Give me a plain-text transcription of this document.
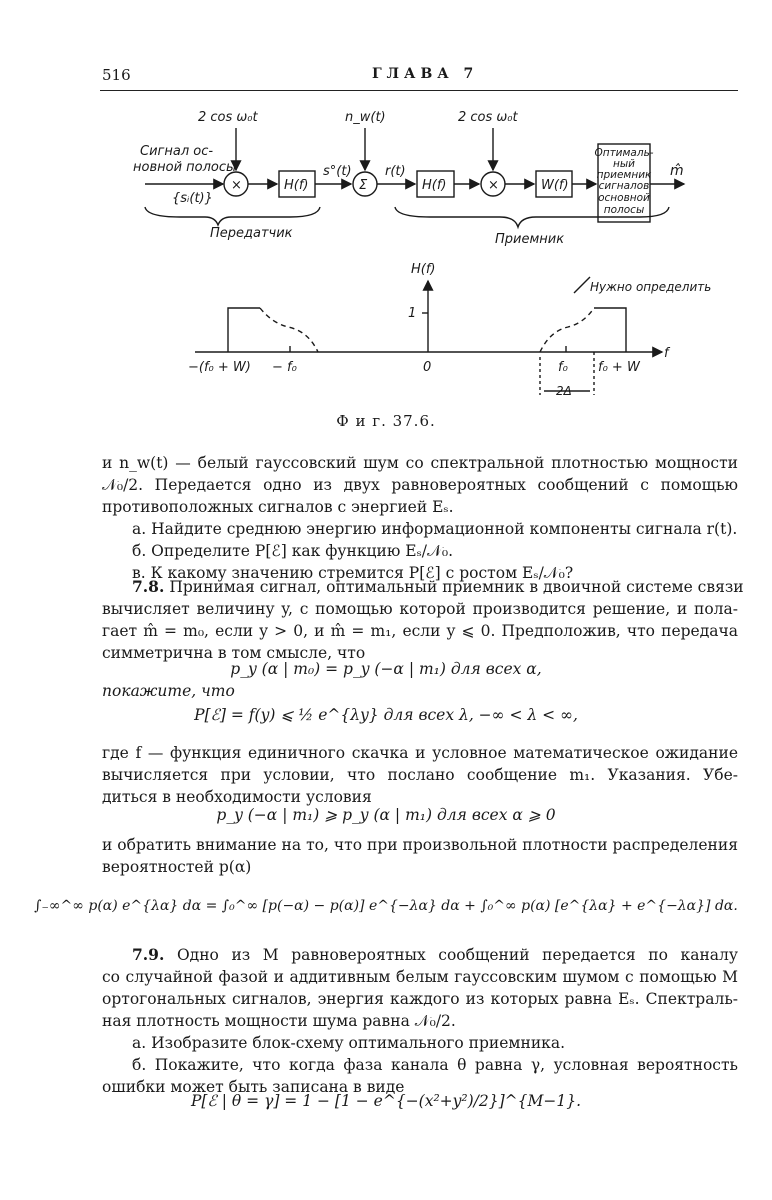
516	ГЛАВА 7
2 cos ω₀t
Сигнал ос-
новной полосы
{sᵢ(t)}
×	H(f)
s°(t)
n_w(t)
Σ
r(t)
H(f)
2 cos ω₀t
×	W(f)
m̂
Передатчик	Приемник
Оптималь-
ный
приемник
сигналов
основной
полосы
H(f)
f
1
Нужно определить
−(f₀ + W) − f₀	0	f₀ f₀ + W
2Δ
Ф и г. 37.6.
и n_w(t) — белый гауссовский шум со спектральной плотностью мощности
𝒩₀/2. Передается одно из двух равновероятных сообщений с помощью
противоположных сигналов с энергией Eₛ.
а. Найдите среднюю энергию информационной компоненты сигнала r(t).
б. Определите P[ℰ] как функцию Eₛ/𝒩₀.
в. К какому значению стремится P[ℰ] с ростом Eₛ/𝒩₀?
7.8. Принимая сигнал, оптимальный приемник в двоичной системе связи
вычисляет величину y, с помощью которой производится решение, и пола-
гает m̂ = m₀, если y > 0, и m̂ = m₁, если y ⩽ 0. Предположив, что передача
симметрична в том смысле, что
p_y (α | m₀) = p_y (−α | m₁) для всех α,
покажите, что
P[ℰ] = f(y) ⩽ ½ e^{λy} для всех λ, −∞ < λ < ∞,
где f — функция единичного скачка и условное математическое ожидание
вычисляется при условии, что послано сообщение m₁. Указания. Убе-
диться в необходимости условия
p_y (−α | m₁) ⩾ p_y (α | m₁) для всех α ⩾ 0
и обратить внимание на то, что при произвольной плотности распределения
вероятностей p(α)
∫₋∞^∞ p(α) e^{λα} dα = ∫₀^∞ [p(−α) − p(α)] e^{−λα} dα + ∫₀^∞ p(α) [e^{λα} + e^{−λα}] dα.
7.9. Одно из M равновероятных сообщений передается по каналу
со случайной фазой и аддитивным белым гауссовским шумом с помощью M
ортогональных сигналов, энергия каждого из которых равна Eₛ. Спектраль-
ная плотность мощности шума равна 𝒩₀/2.
а. Изобразите блок-схему оптимального приемника.
б. Покажите, что когда фаза канала θ равна γ, условная вероятность
ошибки может быть записана в виде
P[ℰ | θ = γ] = 1 − [1 − e^{−(x²+y²)/2}]^{M−1}.
